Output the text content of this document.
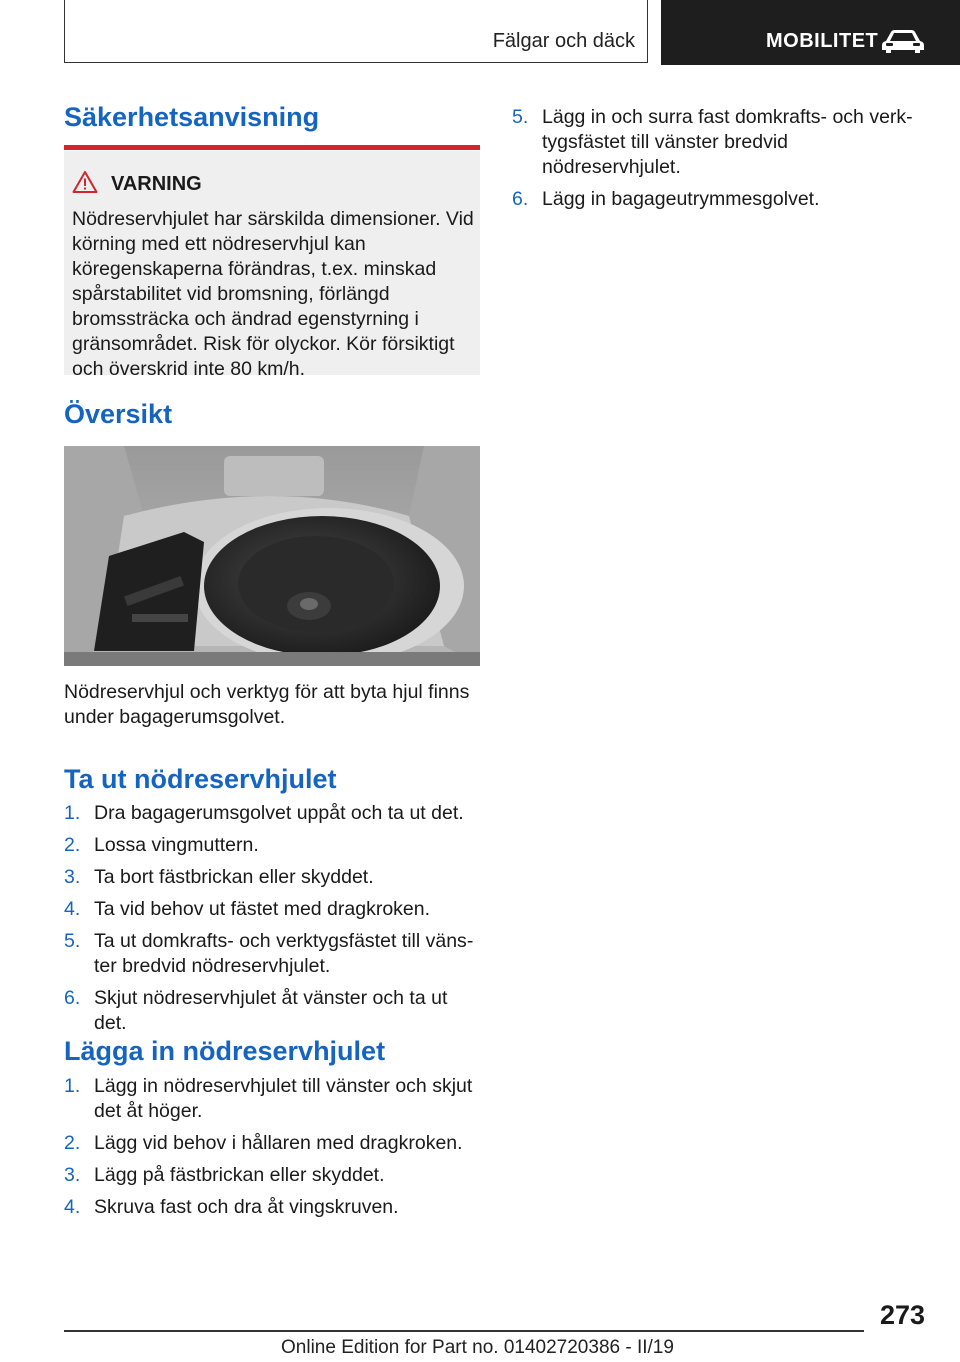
Fälgar och däck	MOBILITET
Säkerhetsanvisning
VARNING

Nödreservhjulet har särskilda dimensioner. Vid körning med ett nödreservhjul kan köregenskaperna förändras, t.ex. minskad spårstabilitet vid bromsning, förlängd bromssträcka och ändrad egenstyrning i gränsområdet. Risk för olyckor. Kör försiktigt och överskrid inte 80 km/h.

Översikt

Nödreservhjul och verktyg för att byta hjul finns under bagagerumsgolvet.

Ta ut nödreservhjulet
1. Dra bagagerumsgolvet uppåt och ta ut det.
2. Lossa vingmuttern.
3. Ta bort fästbrickan eller skyddet.
4. Ta vid behov ut fästet med dragkroken.
5. Ta ut domkrafts- och verktygsfästet till vänster bredvid nödreservhjulet.
6. Skjut nödreservhjulet åt vänster och ta ut det.
Lägga in nödreservhjulet
1. Lägg in nödreservhjulet till vänster och skjut det åt höger.
2. Lägg vid behov i hållaren med dragkroken.
3. Lägg på fästbrickan eller skyddet.
4. Skruva fast och dra åt vingskruven.
5. Lägg in och surra fast domkrafts- och verktygsfästet till vänster bredvid nödreservhjulet.
6. Lägg in bagageutrymmesgolvet.
273
Online Edition for Part no. 01402720386 - II/19
